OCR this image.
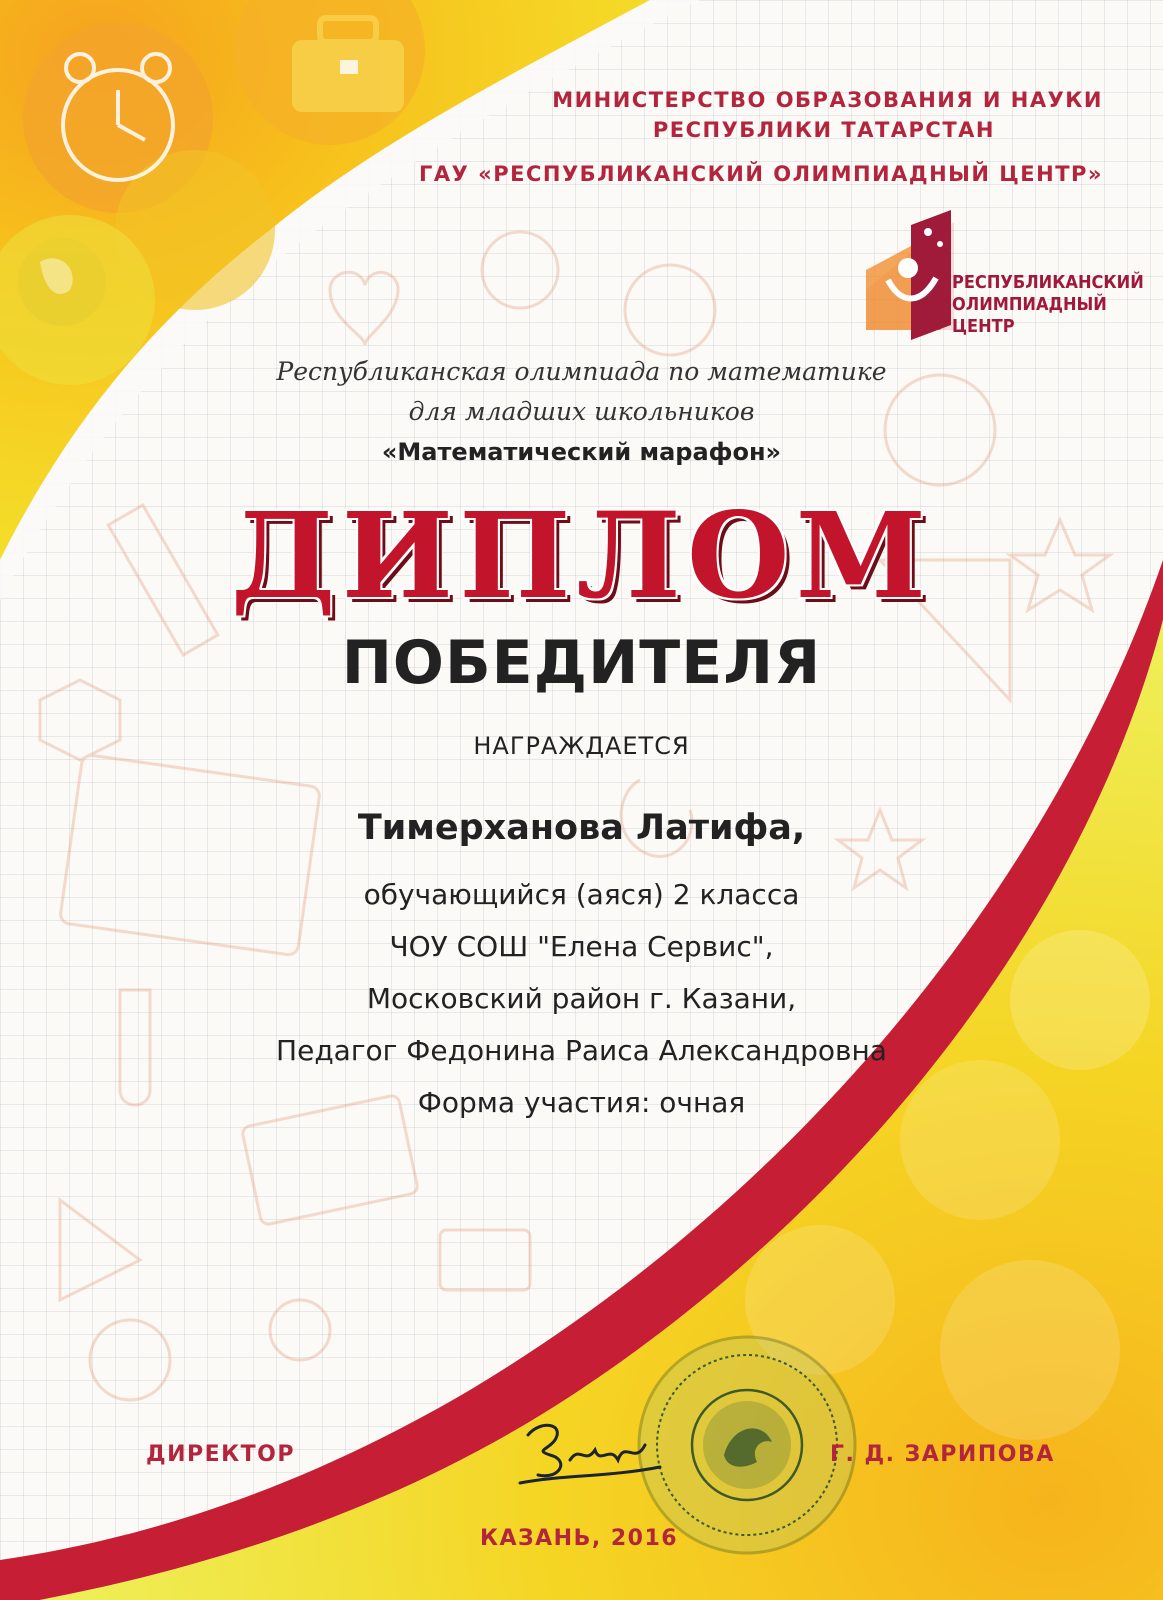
МИНИСТЕРСТВО ОБРАЗОВАНИЯ И НАУКИ
РЕСПУБЛИКИ ТАТАРСТАН
ГАУ «РЕСПУБЛИКАНСКИЙ ОЛИМПИАДНЫЙ ЦЕНТР»
РЕСПУБЛИКАНСКИЙ
ОЛИМПИАДНЫЙ
ЦЕНТР
Республиканская олимпиада по математике
для младших школьников
«Математический марафон»
ДИПЛОМ
ПОБЕДИТЕЛЯ
НАГРАЖДАЕТСЯ
Тимерханова Латифа,
обучающийся (аяся) 2 класса
ЧОУ СОШ "Елена Сервис",
Московский район г. Казани,
Педагог Федонина Раиса Александровна
Форма участия: очная
ДИРЕКТОР	Г. Д. ЗАРИПОВА
КАЗАНЬ, 2016
